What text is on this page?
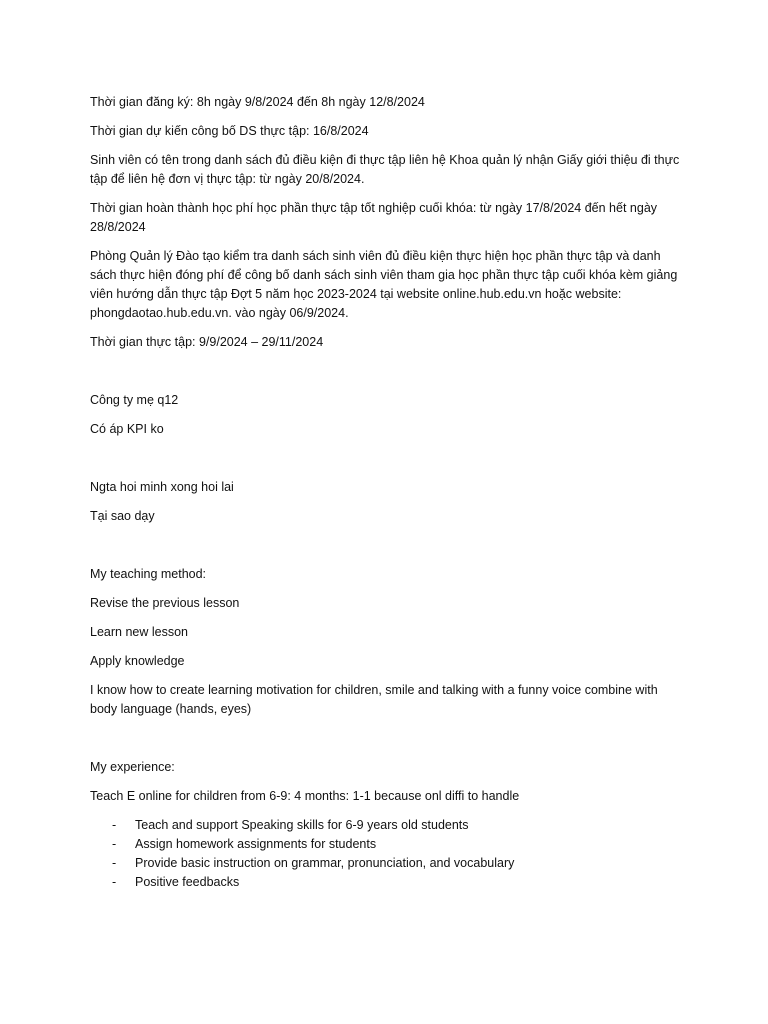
Thời gian đăng ký: 8h ngày 9/8/2024 đến 8h ngày 12/8/2024

Thời gian dự kiến công bố DS thực tập: 16/8/2024

Sinh viên có tên trong danh sách đủ điều kiện đi thực tập liên hệ Khoa quản lý nhận Giấy giới thiệu đi thực tập để liên hệ đơn vị thực tập: từ ngày 20/8/2024.

Thời gian hoàn thành học phí học phần thực tập tốt nghiệp cuối khóa: từ ngày 17/8/2024 đến hết ngày 28/8/2024

Phòng Quản lý Đào tạo kiểm tra danh sách sinh viên đủ điều kiện thực hiện học phần thực tập và danh sách thực hiện đóng phí để công bố danh sách sinh viên tham gia học phần thực tập cuối khóa kèm giảng viên hướng dẫn thực tập Đợt 5 năm học 2023-2024 tại website online.hub.edu.vn hoặc website: phongdaotao.hub.edu.vn. vào ngày 06/9/2024.

Thời gian thực tập: 9/9/2024 – 29/11/2024

Công ty mẹ q12

Có áp KPI ko

Ngta hoi minh xong hoi lai

Tại sao dạy

My teaching method:

Revise the previous lesson

Learn new lesson

Apply knowledge

I know how to create learning motivation for children, smile and talking with a funny voice combine with body language (hands, eyes)

My experience:

Teach E online for children from 6-9: 4 months: 1-1 because onl diffi to handle

- Teach and support Speaking skills for 6-9 years old students
- Assign homework assignments for students
- Provide basic instruction on grammar, pronunciation, and vocabulary
- Positive feedbacks
